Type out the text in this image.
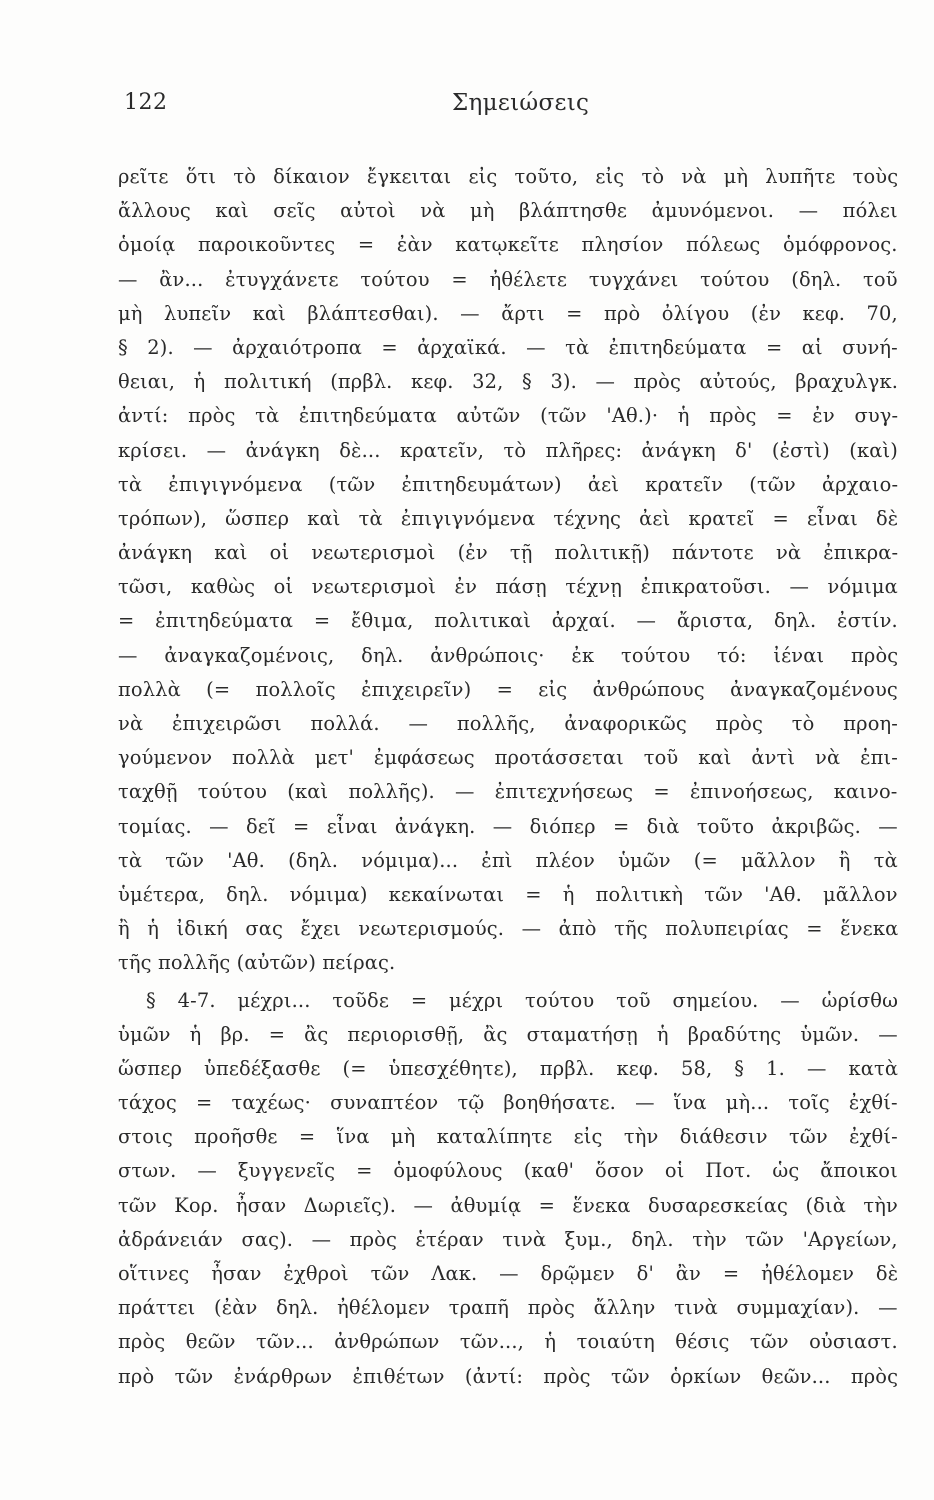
122	Σημειώσεις
ρεῖτε ὅτι τὸ δίκαιον ἔγκειται εἰς τοῦτο, εἰς τὸ νὰ μὴ λυπῆτε τοὺς
ἄλλους καὶ σεῖς αὐτοὶ νὰ μὴ βλάπτησθε ἀμυνόμενοι. — πόλει
ὁμοίᾳ παροικοῦντες = ἐὰν κατῳκεῖτε πλησίον πόλεως ὁμόφρονος.
— ἂν... ἐτυγχάνετε τούτου = ἠθέλετε τυγχάνει τούτου (δηλ. τοῦ
μὴ λυπεῖν καὶ βλάπτεσθαι). — ἄρτι = πρὸ ὀλίγου (ἐν κεφ. 70,
§ 2). — ἀρχαιότροπα = ἀρχαϊκά. — τὰ ἐπιτηδεύματα = αἱ συνή-
θειαι, ἡ πολιτική (πρβλ. κεφ. 32, § 3). — πρὸς αὐτούς, βραχυλγκ.
ἀντί: πρὸς τὰ ἐπιτηδεύματα αὐτῶν (τῶν 'Αθ.)· ἡ πρὸς = ἐν συγ-
κρίσει. — ἀνάγκη δὲ... κρατεῖν, τὸ πλῆρες: ἀνάγκη δ' (ἐστὶ) (καὶ)
τὰ ἐπιγιγνόμενα (τῶν ἐπιτηδευμάτων) ἀεὶ κρατεῖν (τῶν ἀρχαιο-
τρόπων), ὥσπερ καὶ τὰ ἐπιγιγνόμενα τέχνης ἀεὶ κρατεῖ = εἶναι δὲ
ἀνάγκη καὶ οἱ νεωτερισμοὶ (ἐν τῇ πολιτικῇ) πάντοτε νὰ ἐπικρα-
τῶσι, καθὼς οἱ νεωτερισμοὶ ἐν πάσῃ τέχνῃ ἐπικρατοῦσι. — νόμιμα
= ἐπιτηδεύματα = ἔθιμα, πολιτικαὶ ἀρχαί. — ἄριστα, δηλ. ἐστίν.
— ἀναγκαζομένοις, δηλ. ἀνθρώποις· ἐκ τούτου τό: ἰέναι πρὸς
πολλὰ (= πολλοῖς ἐπιχειρεῖν) = εἰς ἀνθρώπους ἀναγκαζομένους
νὰ ἐπιχειρῶσι πολλά. — πολλῆς, ἀναφορικῶς πρὸς τὸ προη-
γούμενον πολλὰ μετ' ἐμφάσεως προτάσσεται τοῦ καὶ ἀντὶ νὰ ἐπι-
ταχθῇ τούτου (καὶ πολλῆς). — ἐπιτεχνήσεως = ἐπινοήσεως, καινο-
τομίας. — δεῖ = εἶναι ἀνάγκη. — διόπερ = διὰ τοῦτο ἀκριβῶς. —
τὰ τῶν 'Αθ. (δηλ. νόμιμα)... ἐπὶ πλέον ὑμῶν (= μᾶλλον ἢ τὰ
ὑμέτερα, δηλ. νόμιμα) κεκαίνωται = ἡ πολιτικὴ τῶν 'Αθ. μᾶλλον
ἢ ἡ ἰδική σας ἔχει νεωτερισμούς. — ἀπὸ τῆς πολυπειρίας = ἕνεκα
τῆς πολλῆς (αὐτῶν) πείρας.
§ 4-7. μέχρι... τοῦδε = μέχρι τούτου τοῦ σημείου. — ὡρίσθω
ὑμῶν ἡ βρ. = ἂς περιορισθῇ, ἂς σταματήσῃ ἡ βραδύτης ὑμῶν. —
ὥσπερ ὑπεδέξασθε (= ὑπεσχέθητε), πρβλ. κεφ. 58, § 1. — κατὰ
τάχος = ταχέως· συναπτέον τῷ βοηθήσατε. — ἵνα μὴ... τοῖς ἐχθί-
στοις προῆσθε = ἵνα μὴ καταλίπητε εἰς τὴν διάθεσιν τῶν ἐχθί-
στων. — ξυγγενεῖς = ὁμοφύλους (καθ' ὅσον οἱ Ποτ. ὡς ἄποικοι
τῶν Κορ. ἦσαν Δωριεῖς). — ἀθυμίᾳ = ἕνεκα δυσαρεσκείας (διὰ τὴν
ἀδράνειάν σας). — πρὸς ἑτέραν τινὰ ξυμ., δηλ. τὴν τῶν 'Αργείων,
οἵτινες ἦσαν ἐχθροὶ τῶν Λακ. — δρῷμεν δ' ἂν = ἠθέλομεν δὲ
πράττει (ἐὰν δηλ. ἠθέλομεν τραπῆ πρὸς ἄλλην τινὰ συμμαχίαν). —
πρὸς θεῶν τῶν... ἀνθρώπων τῶν..., ἡ τοιαύτη θέσις τῶν οὐσιαστ.
πρὸ τῶν ἐνάρθρων ἐπιθέτων (ἀντί: πρὸς τῶν ὁρκίων θεῶν... πρὸς
